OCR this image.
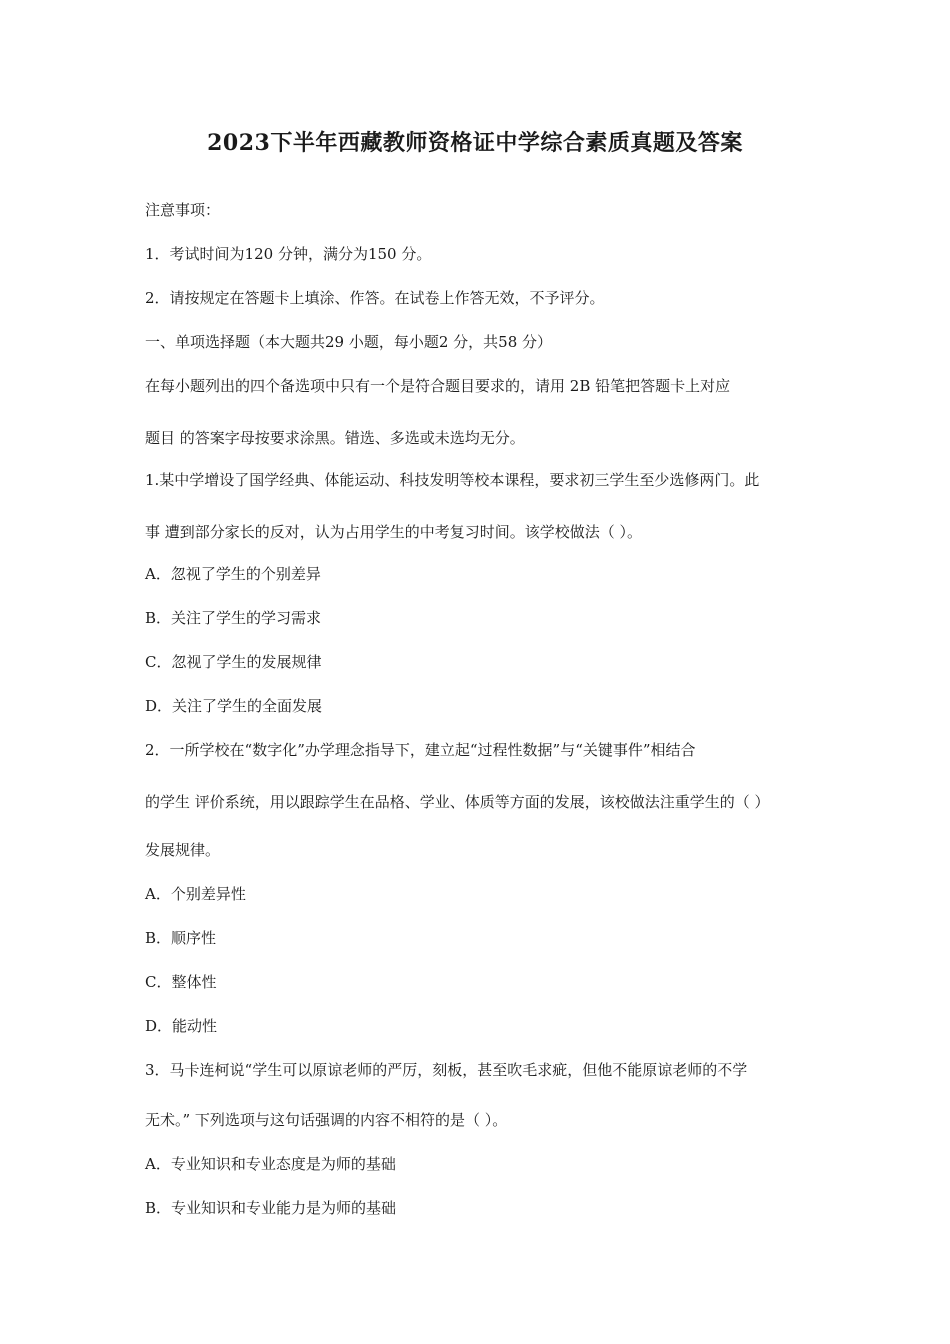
2023下半年西藏教师资格证中学综合素质真题及答案
注意事项：
1．考试时间为120 分钟，满分为150 分。
2．请按规定在答题卡上填涂、作答。在试卷上作答无效，不予评分。
一、单项选择题（本大题共29 小题，每小题2 分，共58 分）
在每小题列出的四个备选项中只有一个是符合题目要求的，请用 2B 铅笔把答题卡上对应
题目 的答案字母按要求涂黑。错选、多选或未选均无分。
1.某中学增设了国学经典、体能运动、科技发明等校本课程，要求初三学生至少选修两门。此
事 遭到部分家长的反对，认为占用学生的中考复习时间。该学校做法（ ）。
A．忽视了学生的个别差异
B．关注了学生的学习需求
C．忽视了学生的发展规律
D．关注了学生的全面发展
2．一所学校在“数字化”办学理念指导下，建立起“过程性数据”与“关键事件”相结合
的学生 评价系统，用以跟踪学生在品格、学业、体质等方面的发展，该校做法注重学生的（ ）
发展规律。
A．个别差异性
B．顺序性
C．整体性
D．能动性
3．马卡连柯说“学生可以原谅老师的严厉，刻板，甚至吹毛求疵，但他不能原谅老师的不学
无术。” 下列选项与这句话强调的内容不相符的是（ ）。
A．专业知识和专业态度是为师的基础
B．专业知识和专业能力是为师的基础
